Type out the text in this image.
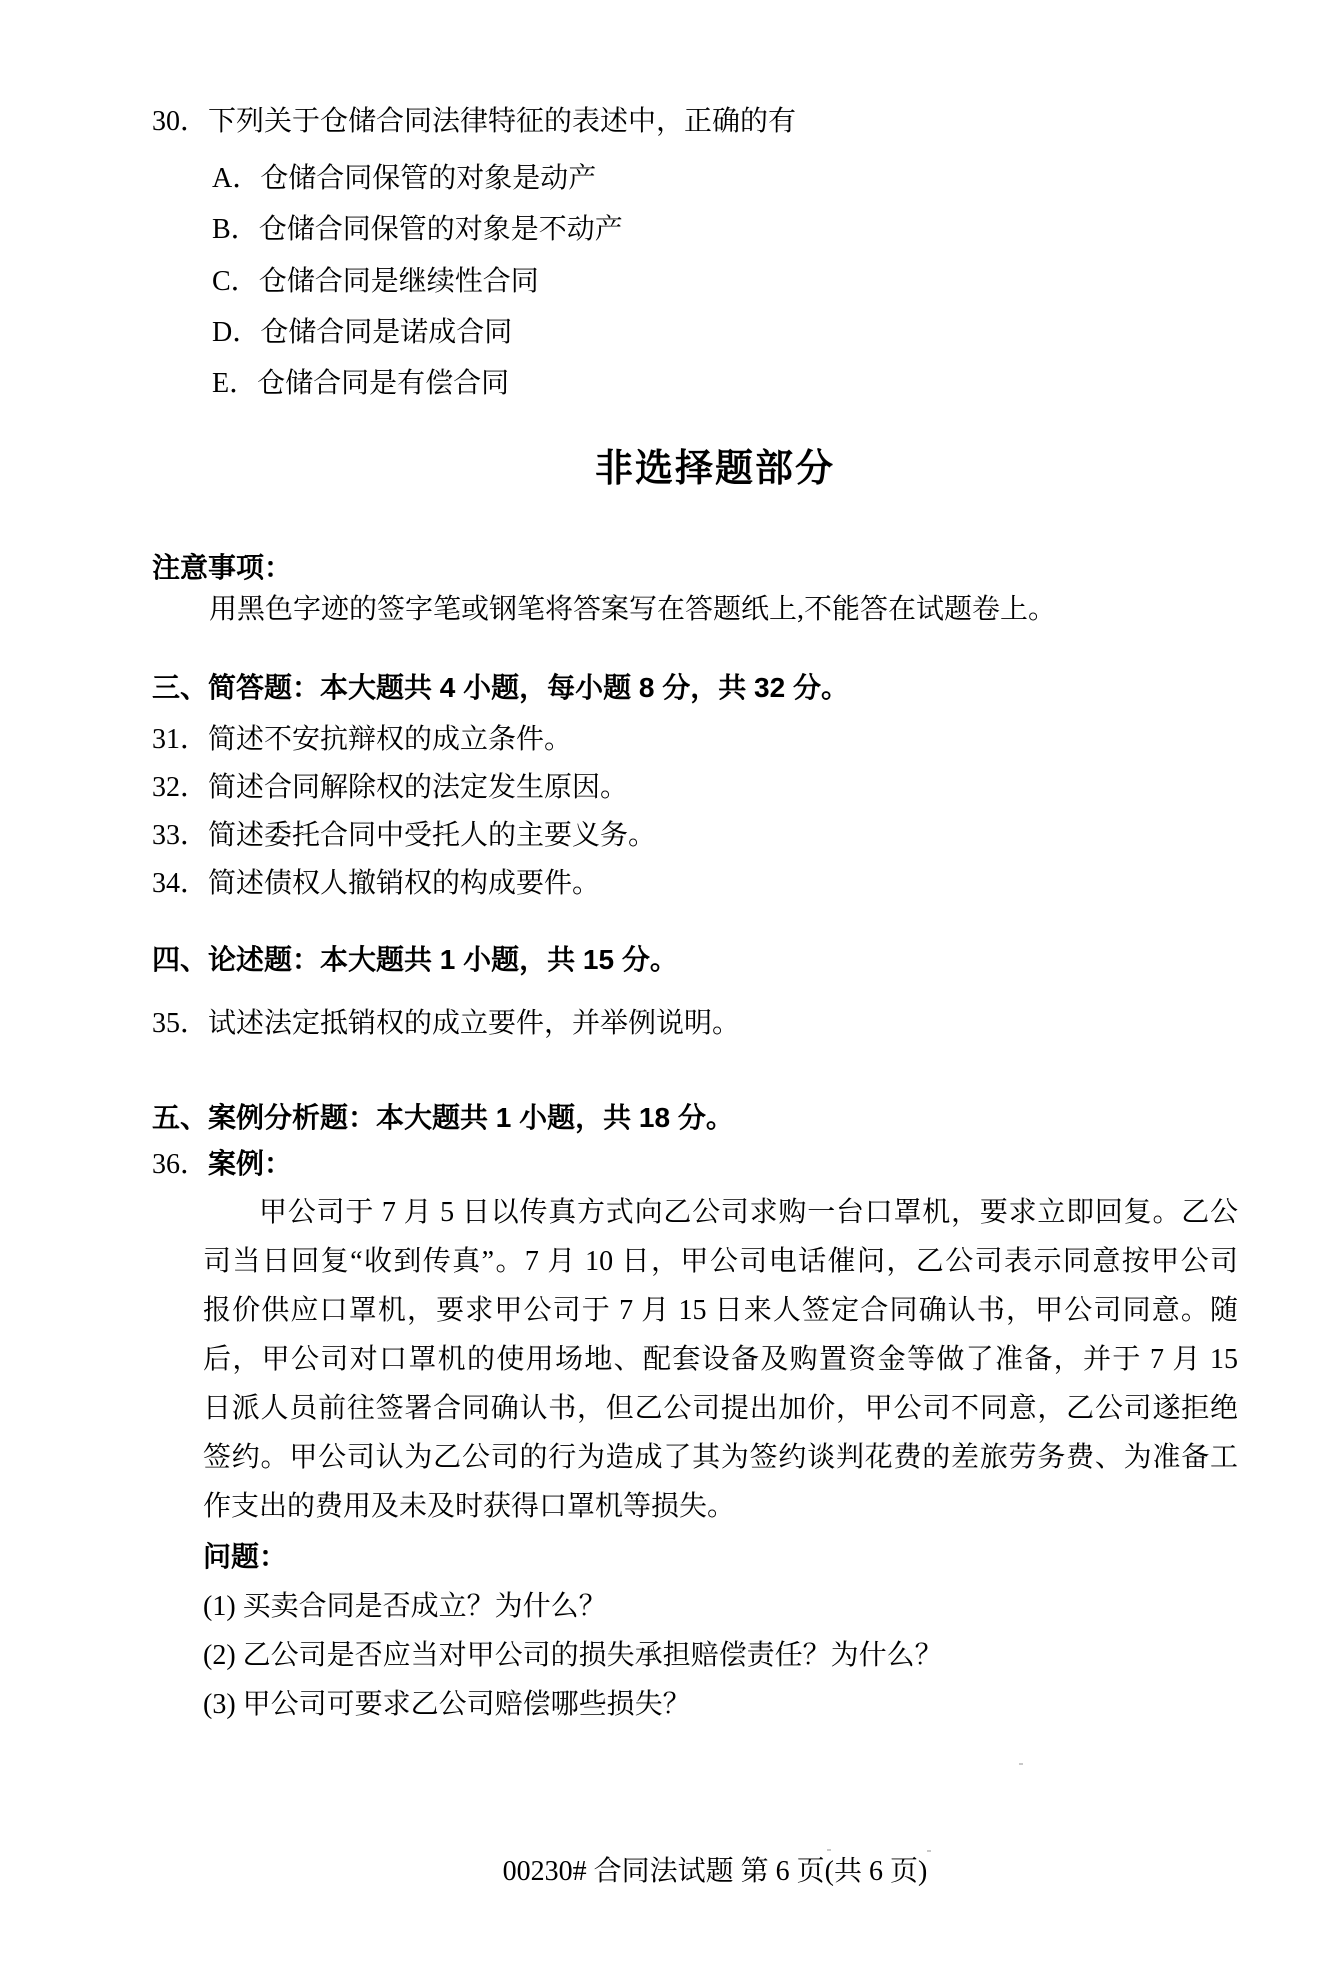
30．下列关于仓储合同法律特征的表述中，正确的有
A．仓储合同保管的对象是动产
B．仓储合同保管的对象是不动产
C．仓储合同是继续性合同
D．仓储合同是诺成合同
E．仓储合同是有偿合同
非选择题部分
注意事项：
用黑色字迹的签字笔或钢笔将答案写在答题纸上,不能答在试题卷上。
三、简答题：本大题共 4 小题，每小题 8 分，共 32 分。
31．简述不安抗辩权的成立条件。
32．简述合同解除权的法定发生原因。
33．简述委托合同中受托人的主要义务。
34．简述债权人撤销权的构成要件。
四、论述题：本大题共 1 小题，共 15 分。
35．试述法定抵销权的成立要件，并举例说明。
五、案例分析题：本大题共 1 小题，共 18 分。
36．案例：
甲公司于 7 月 5 日以传真方式向乙公司求购一台口罩机，要求立即回复。乙公
司当日回复“收到传真”。7 月 10 日，甲公司电话催问，乙公司表示同意按甲公司
报价供应口罩机，要求甲公司于 7 月 15 日来人签定合同确认书，甲公司同意。随
后，甲公司对口罩机的使用场地、配套设备及购置资金等做了准备，并于 7 月 15
日派人员前往签署合同确认书，但乙公司提出加价，甲公司不同意，乙公司遂拒绝
签约。甲公司认为乙公司的行为造成了其为签约谈判花费的差旅劳务费、为准备工
作支出的费用及未及时获得口罩机等损失。
问题：
(1) 买卖合同是否成立？为什么？
(2) 乙公司是否应当对甲公司的损失承担赔偿责任？为什么？
(3) 甲公司可要求乙公司赔偿哪些损失？
00230# 合同法试题 第 6 页(共 6 页)
